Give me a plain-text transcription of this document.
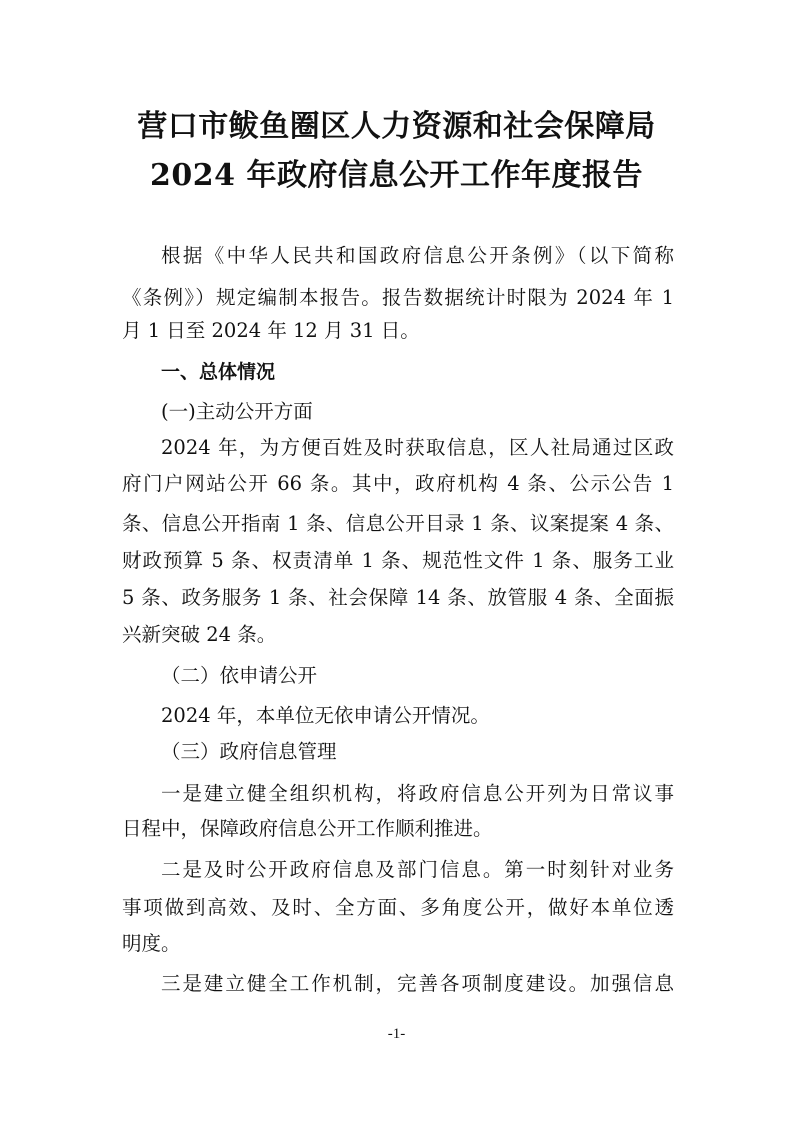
营口市鲅鱼圈区人力资源和社会保障局
2024 年政府信息公开工作年度报告
根据《中华人民共和国政府信息公开条例》（以下简称
《条例》）规定编制本报告。报告数据统计时限为 2024 年 1
月 1 日至 2024 年 12 月 31 日。
一、总体情况
(一)主动公开方面
2024 年，为方便百姓及时获取信息，区人社局通过区政
府门户网站公开 66 条。其中，政府机构 4 条、公示公告 1
条、信息公开指南 1 条、信息公开目录 1 条、议案提案 4 条、
财政预算 5 条、权责清单 1 条、规范性文件 1 条、服务工业
5 条、政务服务 1 条、社会保障 14 条、放管服 4 条、全面振
兴新突破 24 条。
（二）依申请公开
2024 年，本单位无依申请公开情况。
（三）政府信息管理
一是建立健全组织机构，将政府信息公开列为日常议事
日程中，保障政府信息公开工作顺利推进。
二是及时公开政府信息及部门信息。第一时刻针对业务
事项做到高效、及时、全方面、多角度公开，做好本单位透
明度。
三是建立健全工作机制，完善各项制度建设。加强信息
-1-
